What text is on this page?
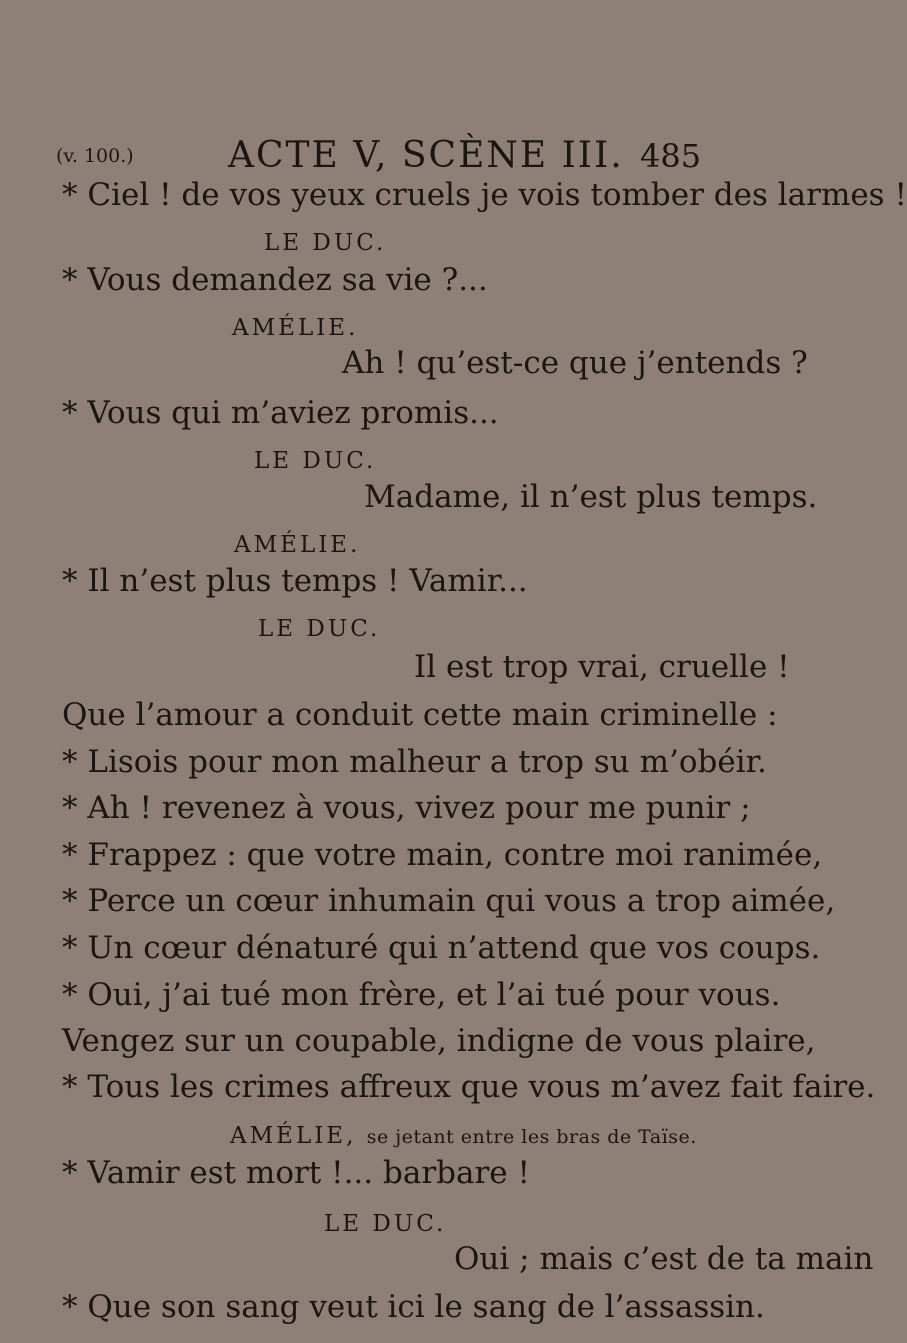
(v. 100.)	ACTE V, SCÈNE III. 485
* Ciel ! de vos yeux cruels je vois tomber des larmes !
LE DUC.
* Vous demandez sa vie ?...
AMÉLIE.
Ah ! qu’est-ce que j’entends ?
* Vous qui m’aviez promis...
LE DUC.
Madame, il n’est plus temps.
AMÉLIE.
* Il n’est plus temps ! Vamir...
LE DUC.
Il est trop vrai, cruelle !
Que l’amour a conduit cette main criminelle :
* Lisois pour mon malheur a trop su m’obéir.
* Ah ! revenez à vous, vivez pour me punir ;
* Frappez : que votre main, contre moi ranimée,
* Perce un cœur inhumain qui vous a trop aimée,
* Un cœur dénaturé qui n’attend que vos coups.
* Oui, j’ai tué mon frère, et l’ai tué pour vous.
Vengez sur un coupable, indigne de vous plaire,
* Tous les crimes affreux que vous m’avez fait faire.
AMÉLIE, se jetant entre les bras de Taïse.
* Vamir est mort !... barbare !
LE DUC.
Oui ; mais c’est de ta main
* Que son sang veut ici le sang de l’assassin.
